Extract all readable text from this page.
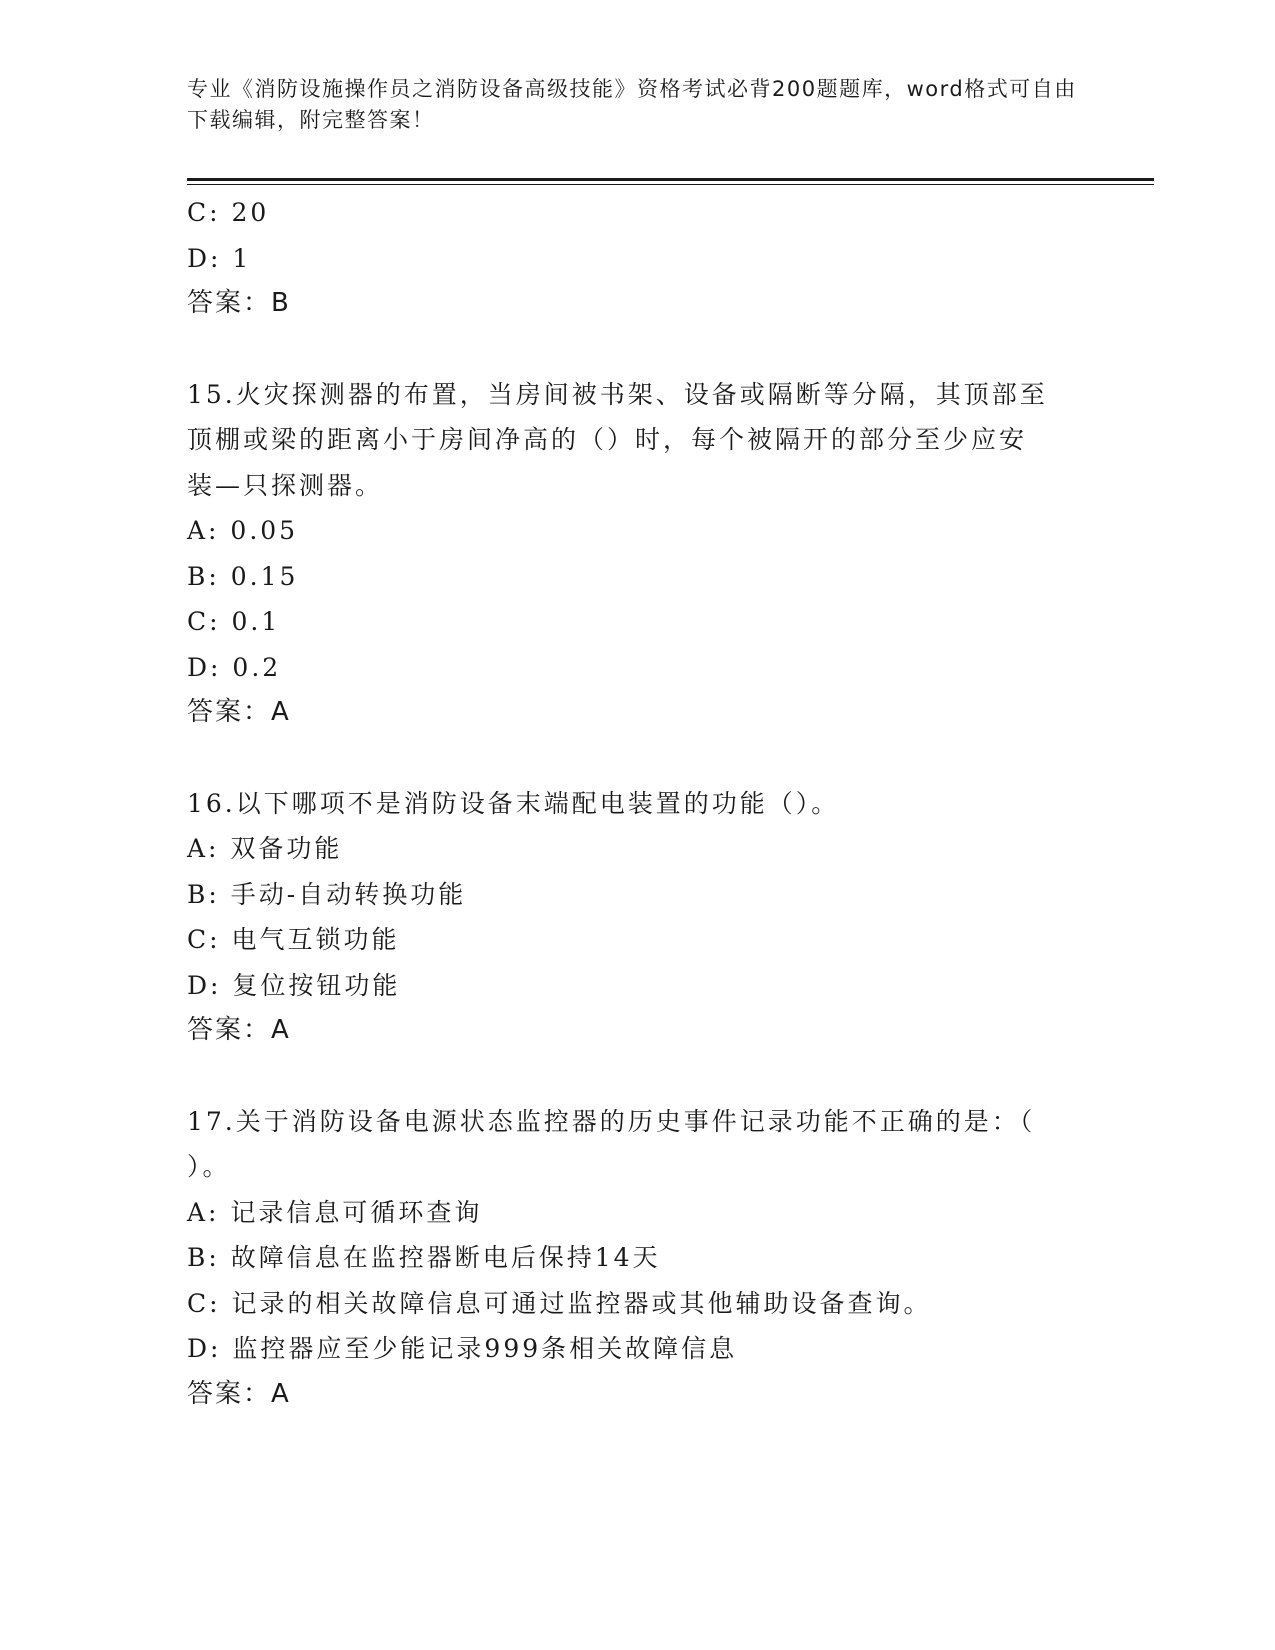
专业《消防设施操作员之消防设备高级技能》资格考试必背200题题库，word格式可自由下载编辑，附完整答案！
C: 20
D: 1
答案：B
15.火灾探测器的布置，当房间被书架、设备或隔断等分隔，其顶部至
顶棚或梁的距离小于房间净高的（）时，每个被隔开的部分至少应安
装—只探测器。
A: 0.05
B: 0.15
C: 0.1
D: 0.2
答案：A
16.以下哪项不是消防设备末端配电装置的功能（）。
A: 双备功能
B: 手动-自动转换功能
C: 电气互锁功能
D: 复位按钮功能
答案：A
17.关于消防设备电源状态监控器的历史事件记录功能不正确的是：（
）。
A: 记录信息可循环查询
B: 故障信息在监控器断电后保持14天
C: 记录的相关故障信息可通过监控器或其他辅助设备查询。
D: 监控器应至少能记录999条相关故障信息
答案：A
